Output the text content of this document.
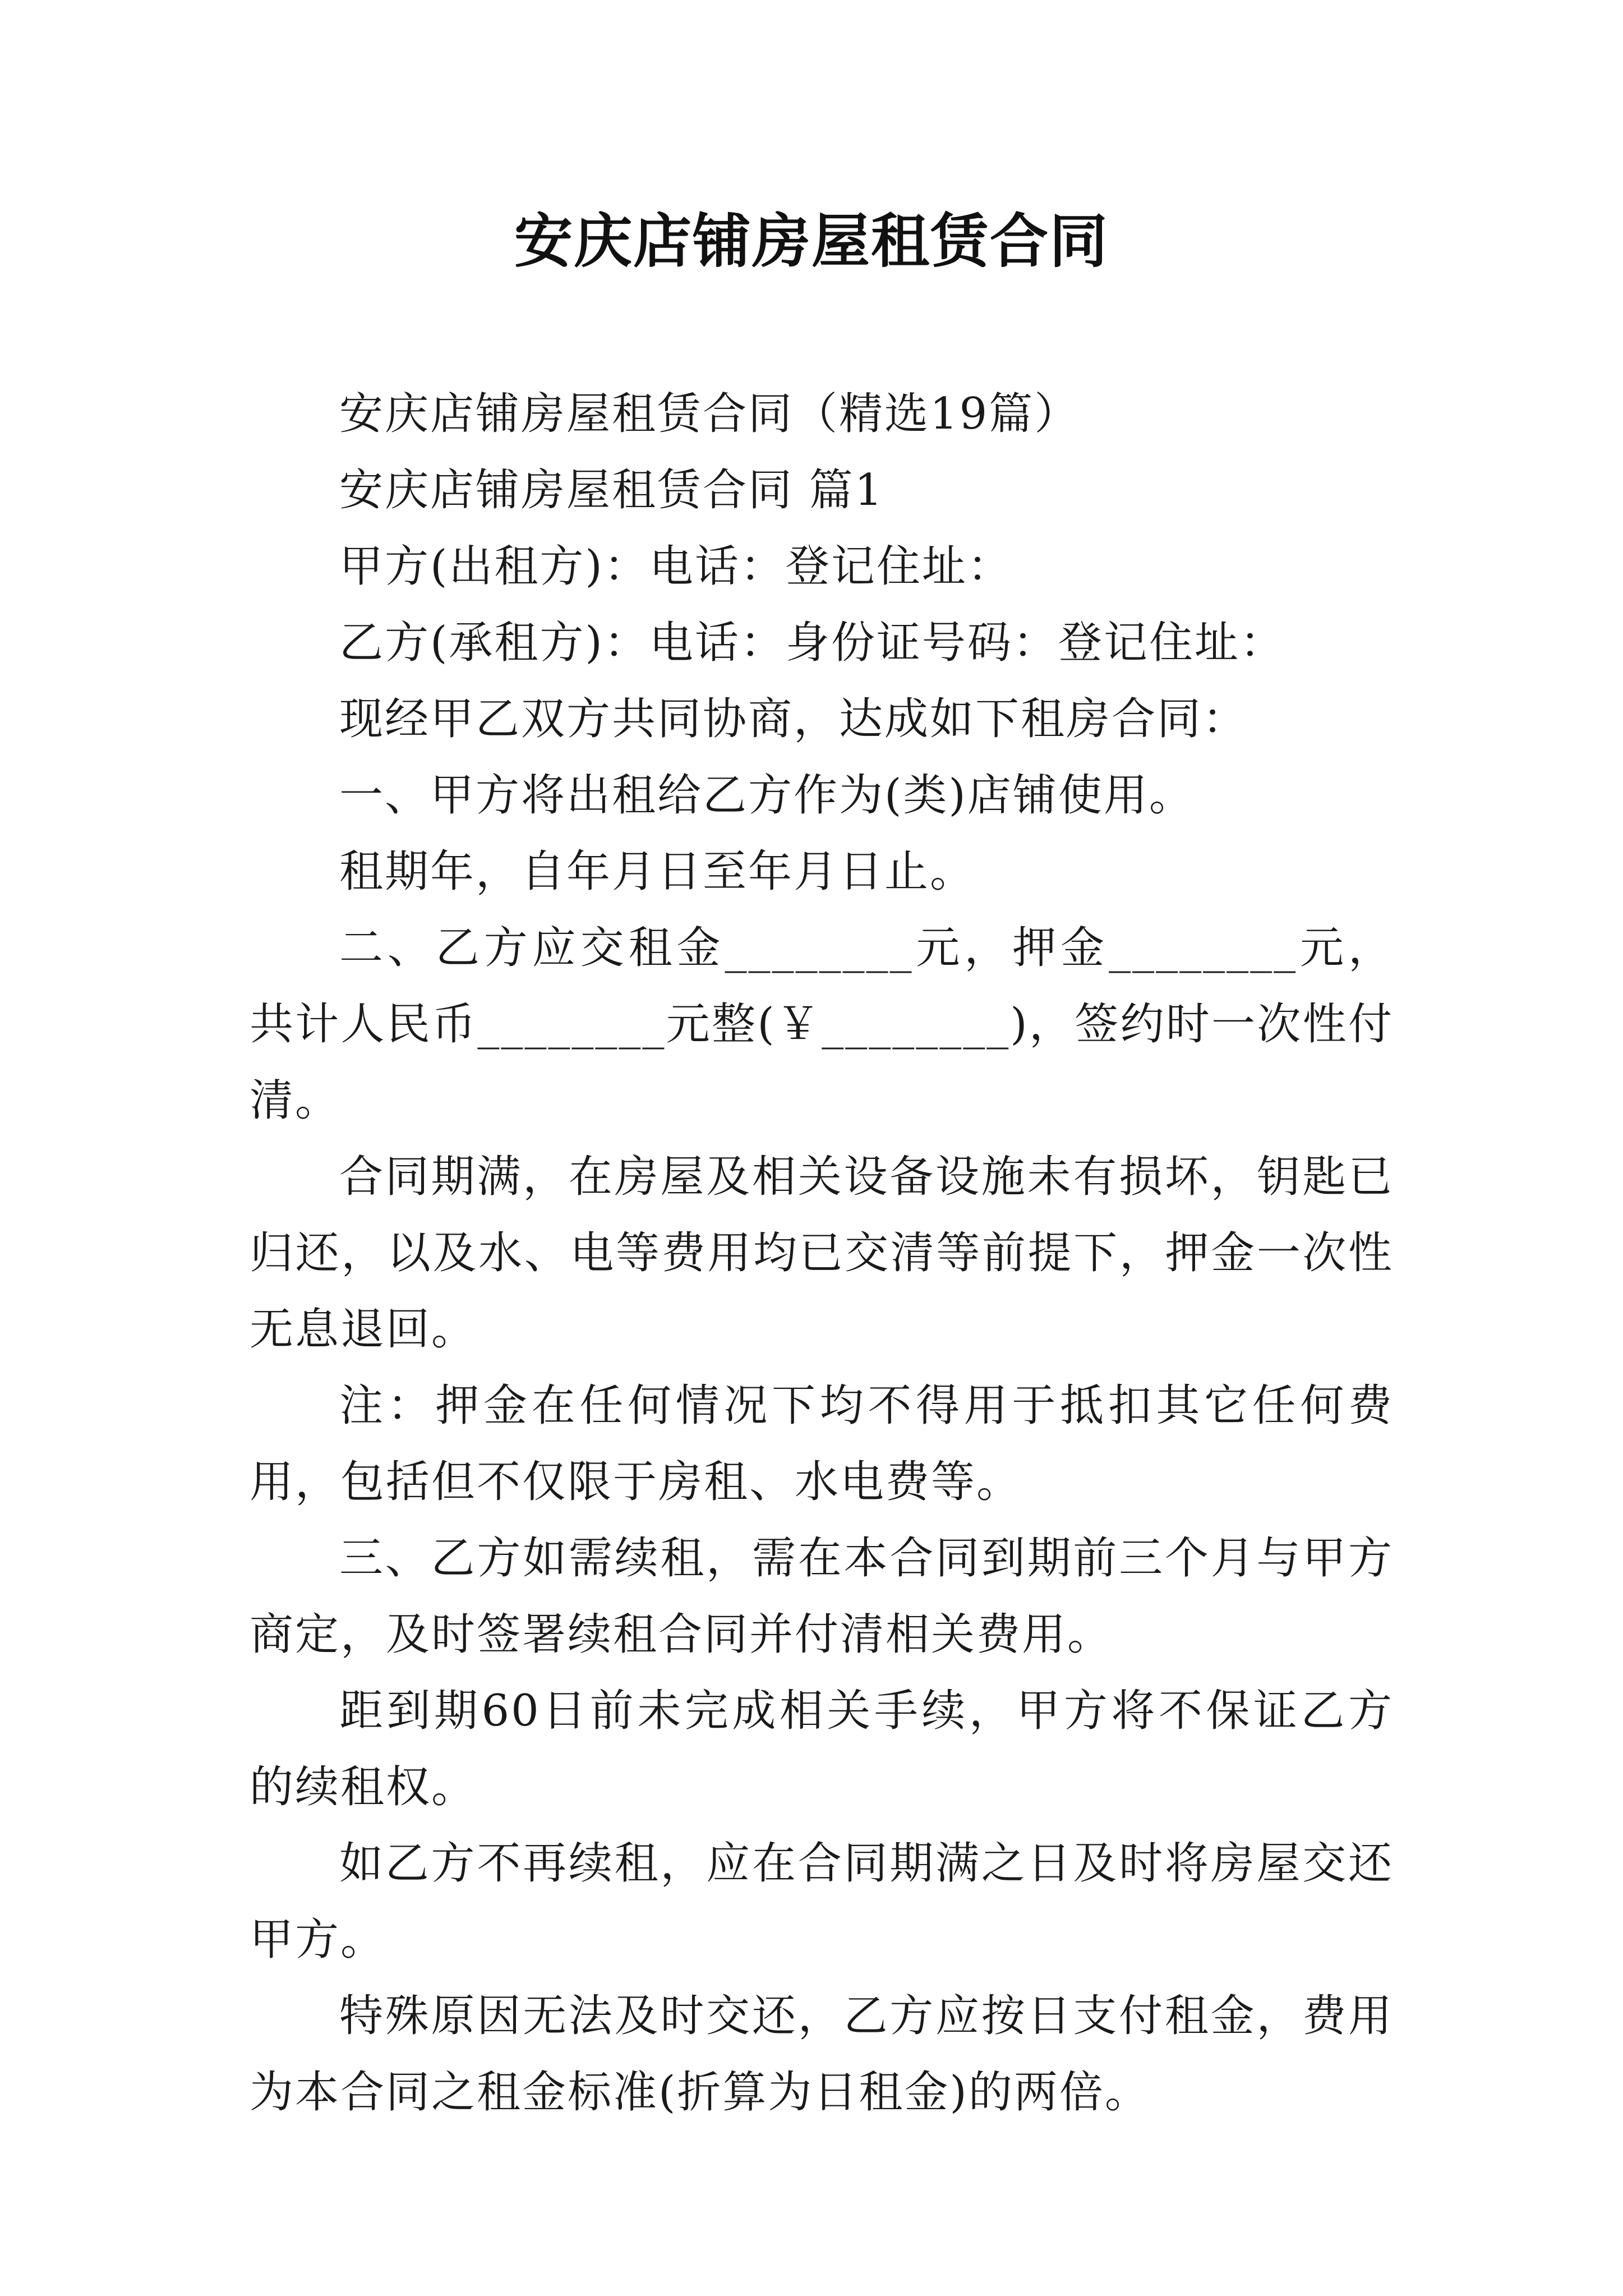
安庆店铺房屋租赁合同

安庆店铺房屋租赁合同（精选19篇）

安庆店铺房屋租赁合同 篇1

甲方(出租方)：电话：登记住址：

乙方(承租方)：电话：身份证号码：登记住址：

现经甲乙双方共同协商，达成如下租房合同：

一、甲方将出租给乙方作为(类)店铺使用。

租期年，自年月日至年月日止。

二、乙方应交租金________元，押金________元，共计人民币________元整(￥________)，签约时一次性付清。

合同期满，在房屋及相关设备设施未有损坏，钥匙已归还，以及水、电等费用均已交清等前提下，押金一次性无息退回。

注：押金在任何情况下均不得用于抵扣其它任何费用，包括但不仅限于房租、水电费等。

三、乙方如需续租，需在本合同到期前三个月与甲方商定，及时签署续租合同并付清相关费用。

距到期60日前未完成相关手续，甲方将不保证乙方的续租权。

如乙方不再续租，应在合同期满之日及时将房屋交还甲方。

特殊原因无法及时交还，乙方应按日支付租金，费用为本合同之租金标准(折算为日租金)的两倍。
